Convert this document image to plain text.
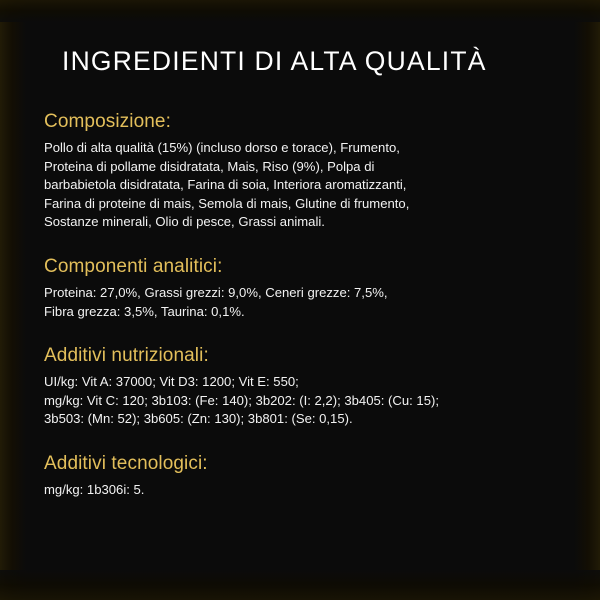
INGREDIENTI DI ALTA QUALITÀ
Composizione:

Pollo di alta qualità (15%) (incluso dorso e torace), Frumento,
Proteina di pollame disidratata, Mais, Riso (9%), Polpa di
barbabietola disidratata, Farina di soia, Interiora aromatizzanti,
Farina di proteine di mais, Semola di mais, Glutine di frumento,
Sostanze minerali, Olio di pesce, Grassi animali.

Componenti analitici:

Proteina: 27,0%, Grassi grezzi: 9,0%, Ceneri grezze: 7,5%,
Fibra grezza: 3,5%, Taurina: 0,1%.

Additivi nutrizionali:

UI/kg: Vit A: 37000; Vit D3: 1200; Vit E: 550;
mg/kg: Vit C: 120; 3b103: (Fe: 140); 3b202: (I: 2,2); 3b405: (Cu: 15);
3b503: (Mn: 52); 3b605: (Zn: 130); 3b801: (Se: 0,15).

Additivi tecnologici:

mg/kg: 1b306i: 5.
